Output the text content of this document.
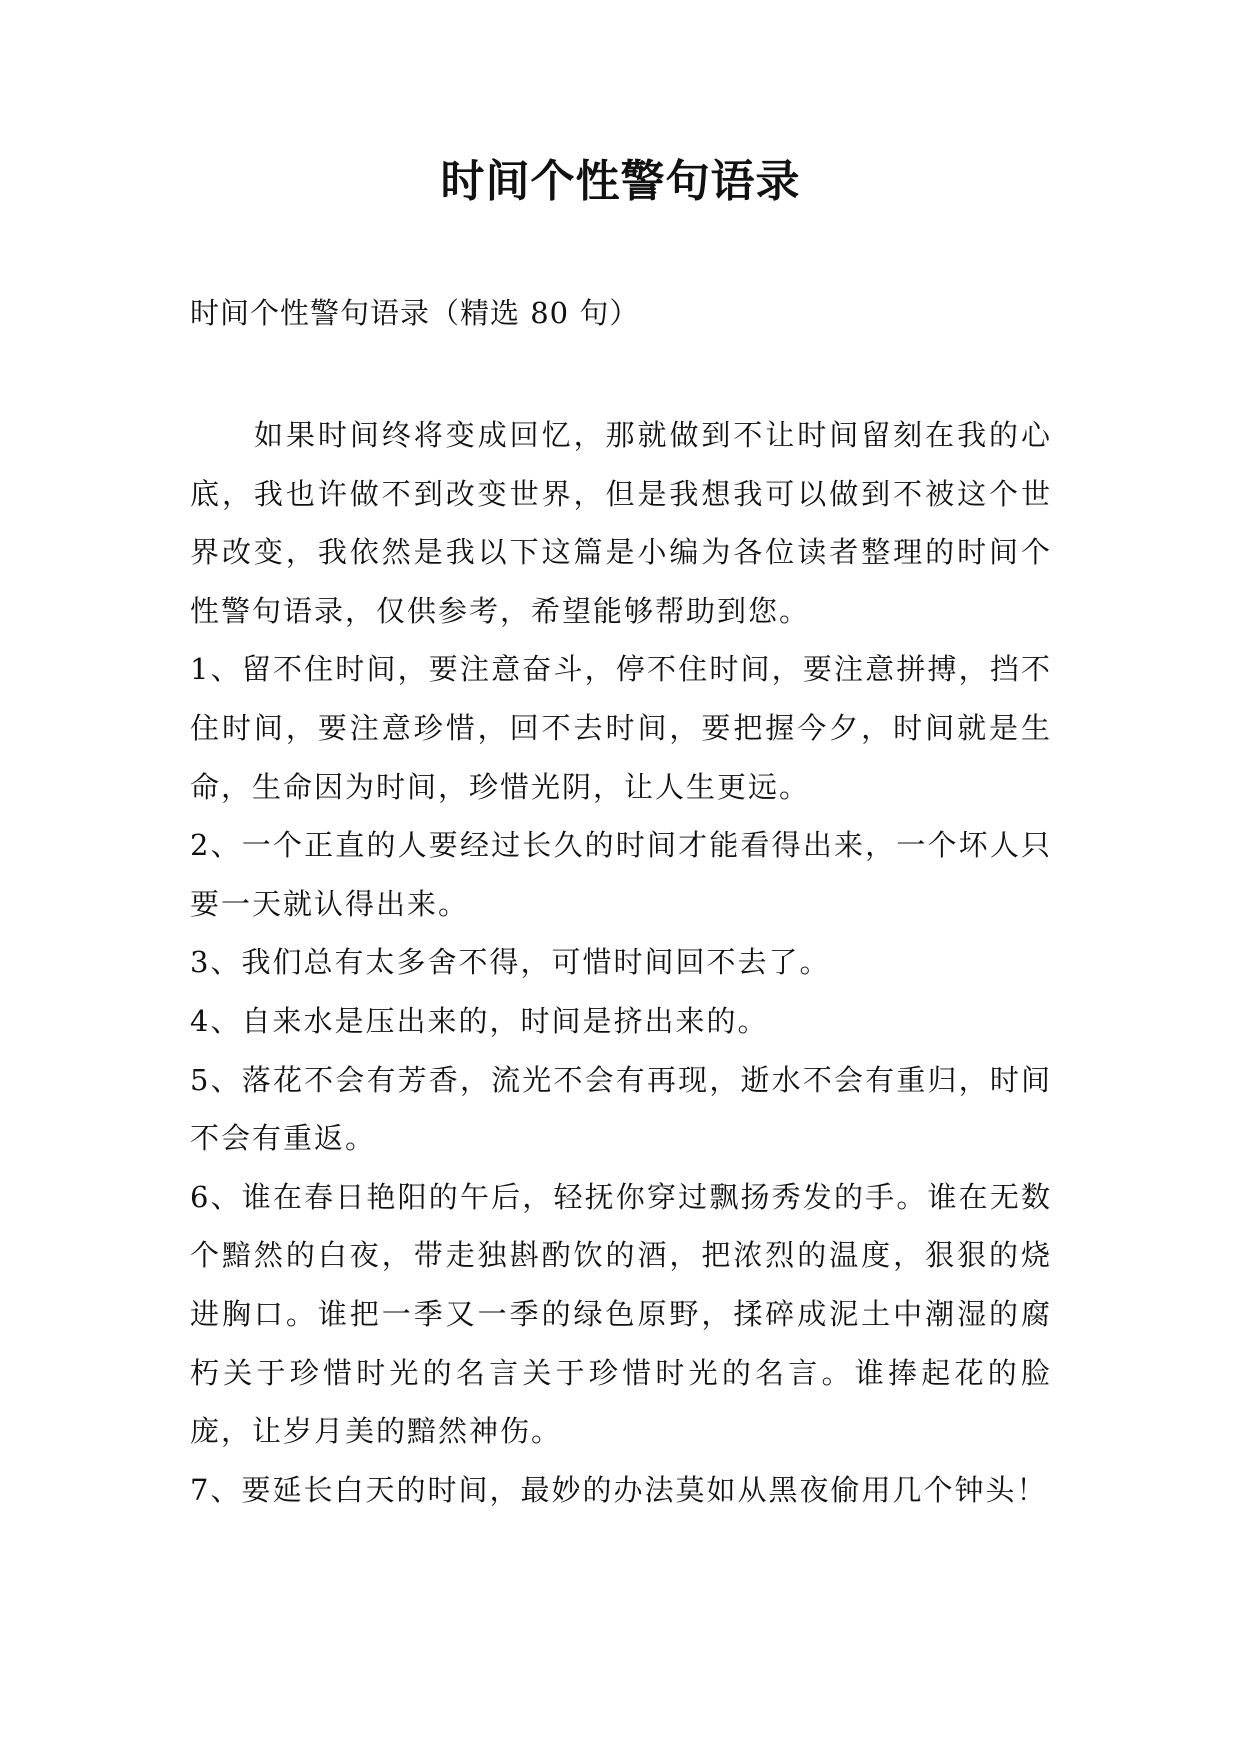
时间个性警句语录

时间个性警句语录（精选 80 句）

如果时间终将变成回忆，那就做到不让时间留刻在我的心底，我也许做不到改变世界，但是我想我可以做到不被这个世界改变，我依然是我以下这篇是小编为各位读者整理的时间个性警句语录，仅供参考，希望能够帮助到您。

1、留不住时间，要注意奋斗，停不住时间，要注意拼搏，挡不住时间，要注意珍惜，回不去时间，要把握今夕，时间就是生命，生命因为时间，珍惜光阴，让人生更远。

2、一个正直的人要经过长久的时间才能看得出来，一个坏人只要一天就认得出来。

3、我们总有太多舍不得，可惜时间回不去了。

4、自来水是压出来的，时间是挤出来的。

5、落花不会有芳香，流光不会有再现，逝水不会有重归，时间不会有重返。

6、谁在春日艳阳的午后，轻抚你穿过飘扬秀发的手。谁在无数个黯然的白夜，带走独斟酌饮的酒，把浓烈的温度，狠狠的烧进胸口。谁把一季又一季的绿色原野，揉碎成泥土中潮湿的腐朽关于珍惜时光的名言关于珍惜时光的名言。谁捧起花的脸庞，让岁月美的黯然神伤。

7、要延长白天的时间，最妙的办法莫如从黑夜偷用几个钟头！
